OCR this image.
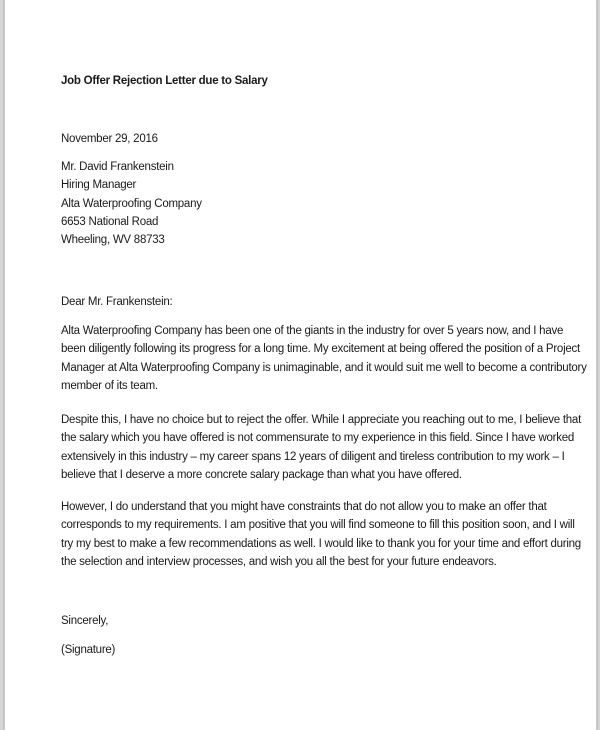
Job Offer Rejection Letter due to Salary
November 29, 2016
Mr. David Frankenstein
Hiring Manager
Alta Waterproofing Company
6653 National Road
Wheeling, WV 88733
Dear Mr. Frankenstein:
Alta Waterproofing Company has been one of the giants in the industry for over 5 years now, and I have
been diligently following its progress for a long time. My excitement at being offered the position of a Project
Manager at Alta Waterproofing Company is unimaginable, and it would suit me well to become a contributory
member of its team.
Despite this, I have no choice but to reject the offer. While I appreciate you reaching out to me, I believe that
the salary which you have offered is not commensurate to my experience in this field. Since I have worked
extensively in this industry – my career spans 12 years of diligent and tireless contribution to my work – I
believe that I deserve a more concrete salary package than what you have offered.
However, I do understand that you might have constraints that do not allow you to make an offer that
corresponds to my requirements. I am positive that you will find someone to fill this position soon, and I will
try my best to make a few recommendations as well. I would like to thank you for your time and effort during
the selection and interview processes, and wish you all the best for your future endeavors.
Sincerely,
(Signature)
